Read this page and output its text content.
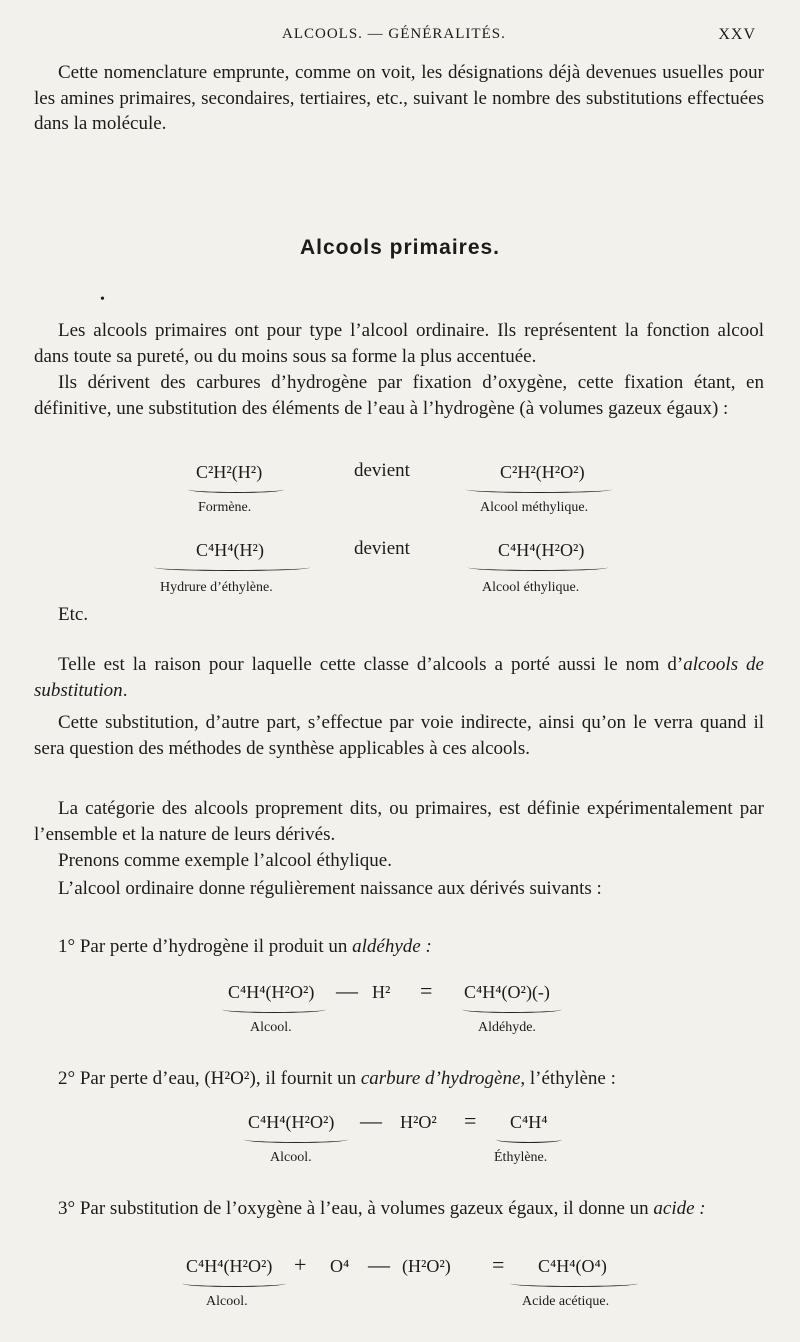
ALCOOLS. — GÉNÉRALITÉS.	XXV
Cette nomenclature emprunte, comme on voit, les désignations déjà devenues usuelles pour les amines primaires, secondaires, tertiaires, etc., suivant le nombre des substitutions effectuées dans la molécule.
Alcools primaires.
•
Les alcools primaires ont pour type l’alcool ordinaire. Ils représentent la fonction alcool dans toute sa pureté, ou du moins sous sa forme la plus accentuée.
Ils dérivent des carbures d’hydrogène par fixation d’oxygène, cette fixation étant, en définitive, une substitution des éléments de l’eau à l’hydrogène (à volumes gazeux égaux) :
C²H²(H²)	devient	C²H²(H²O²)
Formène.	Alcool méthylique.
C⁴H⁴(H²)	devient	C⁴H⁴(H²O²)
Hydrure d’éthylène.	Alcool éthylique.
Etc.
Telle est la raison pour laquelle cette classe d’alcools a porté aussi le nom d’alcools de substitution.
Cette substitution, d’autre part, s’effectue par voie indirecte, ainsi qu’on le verra quand il sera question des méthodes de synthèse applicables à ces alcools.
La catégorie des alcools proprement dits, ou primaires, est définie expérimentalement par l’ensemble et la nature de leurs dérivés.
Prenons comme exemple l’alcool éthylique.
L’alcool ordinaire donne régulièrement naissance aux dérivés suivants :
1° Par perte d’hydrogène il produit un aldéhyde :
C⁴H⁴(H²O²) — H² = C⁴H⁴(O²)(-)
Alcool.	Aldéhyde.
2° Par perte d’eau, (H²O²), il fournit un carbure d’hydrogène, l’éthylène :
C⁴H⁴(H²O²) — H²O² = C⁴H⁴
Alcool.	Éthylène.
3° Par substitution de l’oxygène à l’eau, à volumes gazeux égaux, il donne un acide :
C⁴H⁴(H²O²) + O⁴ — (H²O²) = C⁴H⁴(O⁴)
Alcool.	Acide acétique.
